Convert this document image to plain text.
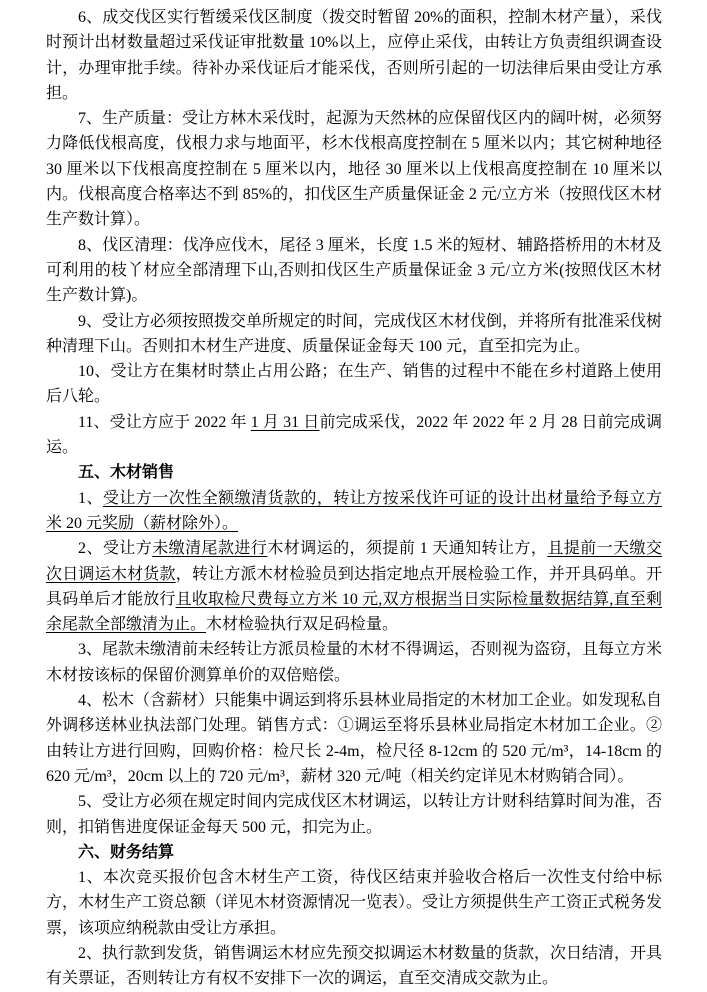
6、成交伐区实行暂缓采伐区制度（拨交时暂留 20%的面积，控制木材产量），采伐时预计出材数量超过采伐证审批数量 10%以上，应停止采伐，由转让方负责组织调查设计，办理审批手续。待补办采伐证后才能采伐，否则所引起的一切法律后果由受让方承担。

7、生产质量：受让方林木采伐时，起源为天然林的应保留伐区内的阔叶树，必须努力降低伐根高度，伐根力求与地面平，杉木伐根高度控制在 5 厘米以内；其它树种地径 30 厘米以下伐根高度控制在 5 厘米以内，地径 30 厘米以上伐根高度控制在 10 厘米以内。伐根高度合格率达不到 85%的，扣伐区生产质量保证金 2 元/立方米（按照伐区木材生产数计算）。

8、伐区清理：伐净应伐木，尾径 3 厘米，长度 1.5 米的短材、辅路搭桥用的木材及可利用的枝丫材应全部清理下山,否则扣伐区生产质量保证金 3 元/立方米(按照伐区木材生产数计算)。

9、受让方必须按照拨交单所规定的时间，完成伐区木材伐倒，并将所有批准采伐树种清理下山。否则扣木材生产进度、质量保证金每天 100 元，直至扣完为止。

10、受让方在集材时禁止占用公路；在生产、销售的过程中不能在乡村道路上使用后八轮。

11、受让方应于 2022 年 1 月 31 日前完成采伐，2022 年 2022 年 2 月 28 日前完成调运。

五、木材销售

1、受让方一次性全额缴清货款的，转让方按采伐许可证的设计出材量给予每立方米 20 元奖励（薪材除外）。

2、受让方未缴清尾款进行木材调运的，须提前 1 天通知转让方，且提前一天缴交次日调运木材货款，转让方派木材检验员到达指定地点开展检验工作，并开具码单。开具码单后才能放行且收取检尺费每立方米 10 元,双方根据当日实际检量数据结算,直至剩余尾款全部缴清为止。木材检验执行双足码检量。

3、尾款未缴清前未经转让方派员检量的木材不得调运，否则视为盗窃，且每立方米木材按该标的保留价测算单价的双倍赔偿。

4、松木（含薪材）只能集中调运到将乐县林业局指定的木材加工企业。如发现私自外调移送林业执法部门处理。销售方式：①调运至将乐县林业局指定木材加工企业。②由转让方进行回购，回购价格：检尺长 2-4m，检尺径 8-12cm 的 520 元/m³，14-18cm 的 620 元/m³，20cm 以上的 720 元/m³，薪材 320 元/吨（相关约定详见木材购销合同）。

5、受让方必须在规定时间内完成伐区木材调运，以转让方计财科结算时间为准，否则，扣销售进度保证金每天 500 元，扣完为止。

六、财务结算

1、本次竞买报价包含木材生产工资，待伐区结束并验收合格后一次性支付给中标方，木材生产工资总额（详见木材资源情况一览表）。受让方须提供生产工资正式税务发票，该项应纳税款由受让方承担。

2、执行款到发货，销售调运木材应先预交拟调运木材数量的货款，次日结清，开具有关票证，否则转让方有权不安排下一次的调运，直至交清成交款为止。
